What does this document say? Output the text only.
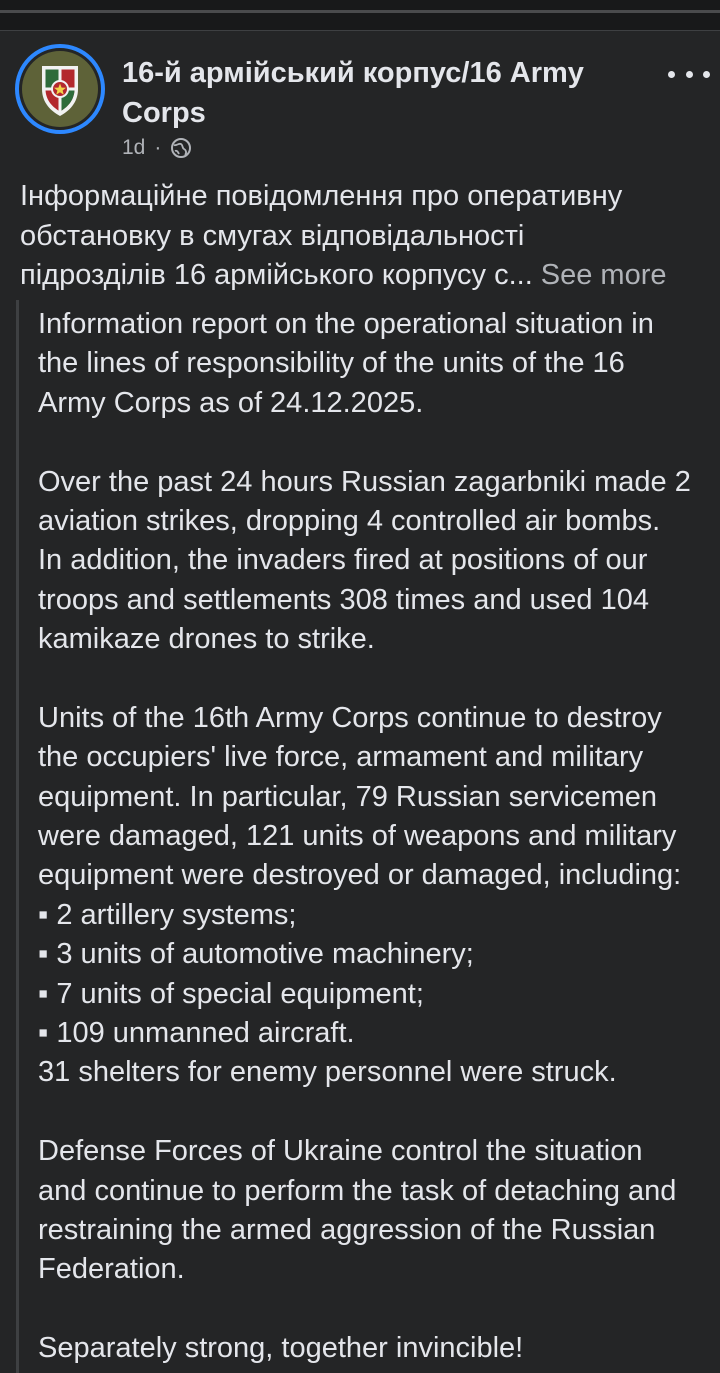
16-й армійський корпус/16 Army Corps
1d ·
Інформаційне повідомлення про оперативну
обстановку в смугах відповідальності
підрозділів 16 армійського корпусу с... See more
Information report on the operational situation in
the lines of responsibility of the units of the 16
Army Corps as of 24.12.2025.
Over the past 24 hours Russian zagarbniki made 2
aviation strikes, dropping 4 controlled air bombs.
In addition, the invaders fired at positions of our
troops and settlements 308 times and used 104
kamikaze drones to strike.
Units of the 16th Army Corps continue to destroy
the occupiers' live force, armament and military
equipment. In particular, 79 Russian servicemen
were damaged, 121 units of weapons and military
equipment were destroyed or damaged, including:
▪ 2 artillery systems;
▪ 3 units of automotive machinery;
▪ 7 units of special equipment;
▪ 109 unmanned aircraft.
31 shelters for enemy personnel were struck.
Defense Forces of Ukraine control the situation
and continue to perform the task of detaching and
restraining the armed aggression of the Russian
Federation.
Separately strong, together invincible!
